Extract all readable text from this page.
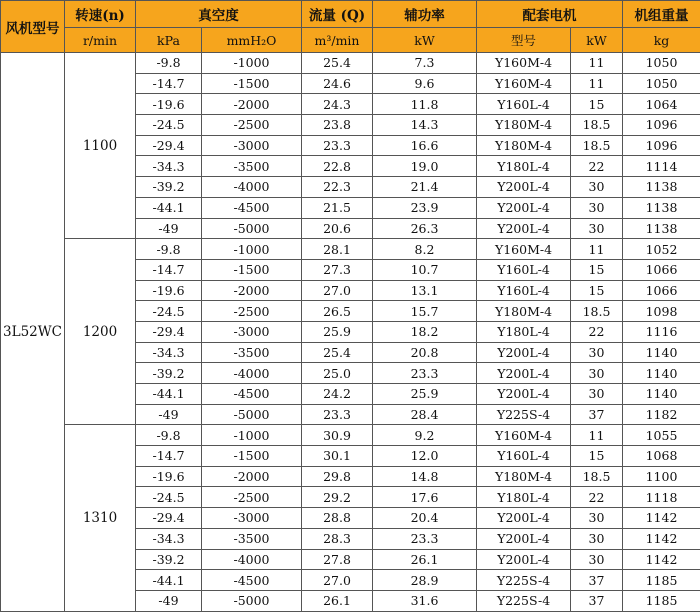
风机型号	转速(n)	真空度		流量 (Q)	辅功率	配套电机		机组重量
	r/min	kPa	mmH₂O	m³/min	kW	型号	kW	kg
3L52WC	1100	-9.8	-1000	25.4	7.3	Y160M-4	11	1050
		-14.7	-1500	24.6	9.6	Y160M-4	11	1050
		-19.6	-2000	24.3	11.8	Y160L-4	15	1064
		-24.5	-2500	23.8	14.3	Y180M-4	18.5	1096
		-29.4	-3000	23.3	16.6	Y180M-4	18.5	1096
		-34.3	-3500	22.8	19.0	Y180L-4	22	1114
		-39.2	-4000	22.3	21.4	Y200L-4	30	1138
		-44.1	-4500	21.5	23.9	Y200L-4	30	1138
		-49	-5000	20.6	26.3	Y200L-4	30	1138
	1200	-9.8	-1000	28.1	8.2	Y160M-4	11	1052
		-14.7	-1500	27.3	10.7	Y160L-4	15	1066
		-19.6	-2000	27.0	13.1	Y160L-4	15	1066
		-24.5	-2500	26.5	15.7	Y180M-4	18.5	1098
		-29.4	-3000	25.9	18.2	Y180L-4	22	1116
		-34.3	-3500	25.4	20.8	Y200L-4	30	1140
		-39.2	-4000	25.0	23.3	Y200L-4	30	1140
		-44.1	-4500	24.2	25.9	Y200L-4	30	1140
		-49	-5000	23.3	28.4	Y225S-4	37	1182
	1310	-9.8	-1000	30.9	9.2	Y160M-4	11	1055
		-14.7	-1500	30.1	12.0	Y160L-4	15	1068
		-19.6	-2000	29.8	14.8	Y180M-4	18.5	1100
		-24.5	-2500	29.2	17.6	Y180L-4	22	1118
		-29.4	-3000	28.8	20.4	Y200L-4	30	1142
		-34.3	-3500	28.3	23.3	Y200L-4	30	1142
		-39.2	-4000	27.8	26.1	Y200L-4	30	1142
		-44.1	-4500	27.0	28.9	Y225S-4	37	1185
		-49	-5000	26.1	31.6	Y225S-4	37	1185
